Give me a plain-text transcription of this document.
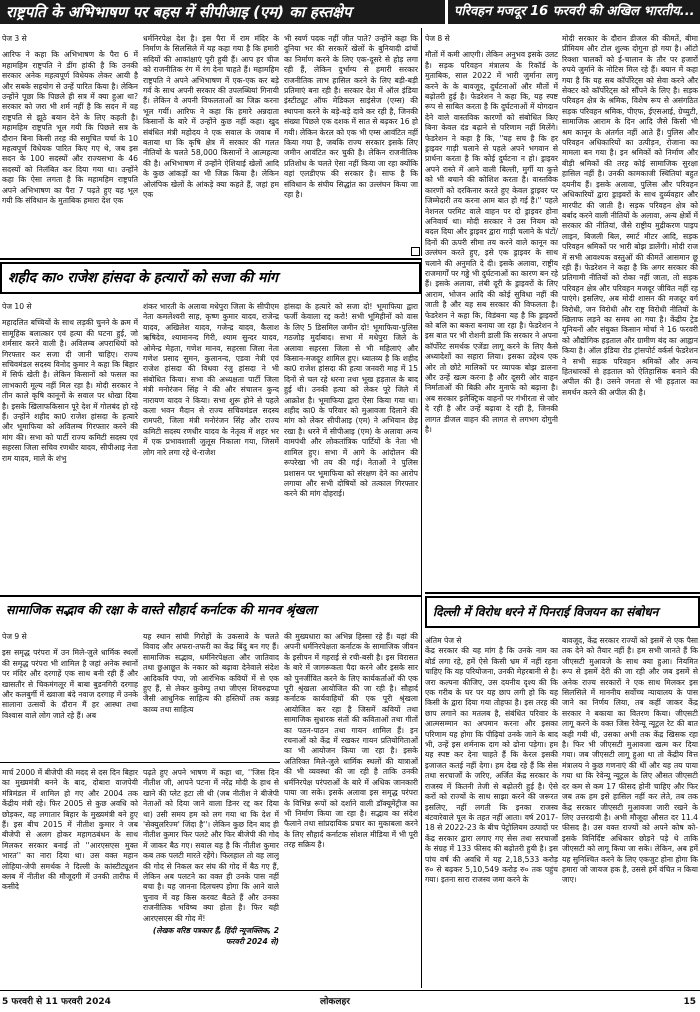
राष्ट्रपति के अभिभाषण पर बहस में सीपीआइ (एम) का हस्तक्षेप	परिवहन मजदूर 16 फरवरी की अखिल भारतीय...
पेज 3 से

आरिफ ने कहा कि अभिभाषण के पैरा 6 में महामहिम राष्ट्रपति ने डींग हांकी है कि उनकी सरकार अनेक महत्वपूर्ण विधेयक लेकर आयी है और सबके सहयोग से उन्हें पारित किया है। लेकिन उन्होंने पूछा कि पिछले ही सत्र में क्या हुआ था? सरकार को जरा भी शर्म नहीं है कि सदन में वह राष्ट्रपति से झूठे बयान देने के लिए कहती है। महामहिम राष्ट्रपति भूल गयी कि पिछले सत्र के दौरान बिना किसी तरह की समुचित चर्चा के 10 महत्वपूर्ण विधेयक पारित किए गए थे, जब इस सदन के 100 सदस्यों और राज्यसभा के 46 सदस्यों को निलंबित कर दिया गया था। उन्होंने कहा कि ऐसा लगता है कि महामहिम राष्ट्रपति अपने अभिभाषण का पैरा 7 पढ़ते हुए यह भूल गयी कि संविधान के मुताबिक हमारा देश एक

धर्मनिरपेक्ष देश है। इस पैरा में राम मंदिर के निर्माण के सिलसिले में यह कहा गया है कि हमारी सदियों की आकांक्षाएं पूरी हुयी हैं। आप हर चीज को राजनीतिक रंग में रंग देना चाहते हैं। महामहिम राष्ट्रपति ने अपने अभिभाषण में एक-एक कर बड़े गर्व के साथ अपनी सरकार की उपलब्धियां गिनायी हैं। लेकिन वे अपनी विफलताओं का जिक्र करना भूल गयीं। आरिफ ने कहा कि हमारे अन्नदाता किसानों के बारे में उन्होंने कुछ नहीं कहा। खुद संबंधित मंत्री महोदय ने एक सवाल के जवाब में बताया था कि कृषि क्षेत्र में सरकार की गलत नीतियों के चलते 58,000 किसानों ने आत्महत्या की है। अभिभाषण में उन्होंने ऐशियाई खेलों आदि के कुछ आंकड़ों का भी जिक्र किया है। लेकिन ओलंपिक खेलों के आंकड़े क्या कहते हैं, जहां हम एक

भी स्वर्ण पदक नहीं जीत पाते? उन्होंने कहा कि दुनिया भर की सरकारें खेलों के बुनियादी ढांचों का निर्माण करने के लिए एक-दूसरे से होड़ लगा रही हैं, लेकिन दुर्भाग्य से हमारी सरकार राजनीतिक लाभ हासिल करने के लिए बड़ी-बड़ी प्रतिमाएं बना रही है। सरकार देश में ऑल इंडिया इंस्टीट्यूट ऑफ मेडिकल साइंसेज (एम्स) की स्थापना करने के बड़े-बड़े दावे कर रही है, जिनकी संख्या पिछले एक दशक में सात से बढ़कर 16 हो गयी। लेकिन केरल को एक भी एम्स आवंटित नहीं किया गया है, जबकि राज्य सरकार इसके लिए जमीन आवंटित कर चुकी है। लेकिन राजनीतिक प्रतिशोध के चलते ऐसा नहीं किया जा रहा क्योंकि वहां एलडीएफ की सरकार है। साफ है कि संविधान के संघीय सिद्धांत का उल्लंघन किया जा रहा है।

पेज 8 से

मौतों में कमी आएगी। लेकिन अनुभव इसके उलट है। सड़क परिवहन मंत्रालय के रिकॉर्ड के मुताबिक, साल 2022 में भारी जुर्माना लागू करने के के बावजूद, दुर्घटनाओं और मौतों में बढ़ोतरी हुई है। फेडरेशन ने कहा कि, यह स्पष्ट रूप से साबित करता है कि दुर्घटनाओं में योगदान देने वाले वास्तविक कारणों को संबोधित किए बिना केवल दंड बढ़ाने से परिणाम नहीं मिलेंगे। फेडरेशन ने कहा है कि, ''यह सच है कि हर ड्राइवर गाड़ी चलाने से पहले अपने भगवान से प्रार्थना करता है कि कोई दुर्घटना न हो। ड्राइवर अपने रास्ते में आने वाली बिल्ली, मुर्गी या कुत्ते को भी बचाने की कोशिश करता है। वास्तविक कारणों को दरकिनार करते हुए केवल ड्राइवर पर जिम्मेदारी तय करना आम बात हो गई है।'' पहले नेशनल परमिट वाले वाहन पर दो ड्राइवर होना अनिवार्य था। मोदी सरकार ने उस नियम को बदल दिया और ड्राइवर द्वारा गाड़ी चलाने के घंटों/दिनों की ऊपरी सीमा तय करने वाले कानून का उल्लंघन करते हुए, इसे एक ड्राइवर के साथ चलाने की अनुमति दे दी। इसके अलावा, राष्ट्रीय राजमार्गों पर गड्ढे भी दुर्घटनाओं का कारण बन रहे हैं। इसके अलावा, लंबी दूरी के ड्राइवरों के लिए आराम, भोजन आदि की कोई सुविधा नहीं की जाती है और यह सब सरकार की विफलता है। फेडरेशन ने कहा कि, विडंबना यह है कि ड्राइवरों को बलि का बकरा बनाया जा रहा है। फेडरेशन ने इस बात पर भी रोशनी डाली कि सरकार ने अपना कॉर्पोरेट समर्थक एजेंडा लागू करने के लिए कैसे अध्यादेशों का सहारा लिया। इसका उद्देश्य एक ओर तो छोटे मालिकों पर व्यापक बोझ डालना और उन्हें खत्म करना है और दूसरी ओर वाहन निर्माताओं की बिक्री और मुनाफे को बढ़ाना है। अब सरकार इलेक्ट्रिक वाहनों पर गंभीरता से जोर दे रही है और उन्हें बढ़ावा दे रही है, जिनकी लागत डीजल वाहन की लागत से लगभग दोगुनी है।

मोदी सरकार के दौरान डीजल की कीमतें, बीमा प्रीमियम और टोल शुल्क दोगुना हो गया है। ऑटो रिक्शा चालकों को ई-चालान के तौर पर हजारों रुपये जुर्माने के नोटिस मिल रहे हैं। बयान में कहा गया है कि यह सब कॉर्पोरेट्स को सेवा करने और सेक्टर को कॉर्पोरेट्स को सौंपने के लिए है। सड़क परिवहन क्षेत्र के श्रमिक, विशेष रूप से असंगठित सड़क परिवहन श्रमिक, पीएफ, ईएसआई, ग्रेच्युटी, सामाजिक आराम के दिन आदि जैसे किसी भी श्रम कानून के अंतर्गत नहीं आते हैं। पुलिस और परिवहन अधिकारियों का उत्पीड़न, रोजाना का मामला बन गया है। इन श्रमिकों को निर्माण और बीड़ी श्रमिकों की तरह कोई सामाजिक सुरक्षा हासिल नहीं है। उनकी कामकाजी स्थितियां बहुत दयनीय हैं। इसके अलावा, पुलिस और परिवहन अधिकारियों द्वारा ड्राइवरों के साथ दुर्व्यवहार और मारपीट की जाती है। सड़क परिवहन क्षेत्र को बर्बाद करने वाली नीतियों के अलावा, अन्य क्षेत्रों में सरकार की नीतियां, जैसे राष्ट्रीय मुद्रीकरण पाइप लाइन, बिजली बिल, स्मार्ट मीटर आदि, सड़क परिवहन श्रमिकों पर भारी बोझ डालेंगी। मोदी राज में सभी आवश्यक वस्तुओं की कीमतें आसमान छू रही हैं। फेडरेशन ने कहा है कि अगर सरकार की प्रतिगामी नीतियों को रोका नहीं जाता, तो सड़क परिवहन क्षेत्र और परिवहन मजदूर जीवित नहीं रह पाएंगे। इसलिए, अब मोदी शासन की मजदूर वर्ग विरोधी, जन विरोधी और राष्ट्र विरोधी नीतियों के खिलाफ लड़ने का समय आ गया है। केंद्रीय ट्रेड यूनियनों और संयुक्त किसान मोर्चा ने 16 फरवरी को औद्योगिक हड़ताल और ग्रामीण बंद का आह्वान किया है। ऑल इंडिया रोड ट्रांसपोर्ट वर्कर्स फेडरेशन ने सभी सड़क परिवहन श्रमिकों और अन्य हितधारकों से हड़ताल को ऐतिहासिक बनाने की अपील की है। उसने जनता से भी हड़ताल का समर्थन करने की अपील की है।

शहीद का० राजेश हांसदा के हत्यारों को सजा की मांग
पेज 10 से

महादलित बच्चियों के साथ लड़की चुनने के क्रम में सामूहिक बलात्कार एवं हत्या की घटना हुई, जो शर्मसार करने वाली है। अविलम्ब अपराधियों को गिरफ्तार कर सजा दी जानी चाहिए। राज्य सचिवमंडल सदस्य विनोद कुमार ने कहा कि बिहार में सिर्फ खेती है। लेकिन किसानों को फसल का लाभकारी मूल्य नहीं मिल रहा है। मोदी सरकार ने तीन काले कृषि कानूनों के सवाल पर धोखा दिया है। इसके खिलाफकिसान पूरे देश में गोलबंद हो रहे हैं। उन्होंने शहीद का0 राजेश हांसदा के हत्यारे और भूमाफिया को अविलम्ब गिरफ्तार करने की मांग की। सभा को पार्टी राज्य कमिटी सदस्य एवं सहरसा जिला सचिव रणधीर यादव, सीपीआइ नेता राम यादव, माले के शंभु

शंकर भारती के अलावा मधेपुरा जिला के सीपीएम नेता कमलेश्वरी साह, कृष्ण कुमार यादव, राजेन्द्र यादव, अखिलेश यादव, गजेन्द्र यादव, कैलाश ऋषिदेव, श्यामानन्द गिरी, श्याम सुन्दर यादव, ओमेन्द्र मेहता, गणेश मानव, सहरसा जिला नेता गणेश प्रसाद सुमन, कुलानन्द, एडवा नेत्री एवं राजेश हांसदा की विधवा रंजु हांसदा ने भी संबोधित किया। सभा की अध्यक्षता पार्टी जिला मंत्री मनोरंजन सिंह ने की और संचालन कुन्द नारायण यादव ने किया। सभा शुरू होने से पहले कला भवन मैदान से राज्य सचिवमंडल सदस्य रामपरी, जिला मंत्री मनोरंजन सिंह और राज्य कमिटी सदस्य रणधीर यादव के नेतृत्व में शहर भर में एक प्रभावशाली जुलूस निकाला गया, जिसमें लोग नारे लगा रहे थे-राजेश

हांसदा के हत्यारे को सजा दो! भूमाफिया द्वारा फर्जी केवाला रद्द करो! सभी भूमिहीनों को वास के लिए 5 डिसमिल जमीन दो! भूमाफिया-पुलिस गठजोड़ मुर्दाबाद। सभा में मधेपुरा जिले के अलावा सहरसा जिला से भी महिलाएं और किसान-मजदूर शामिल हुए। ध्यातव्य है कि शहीद का0 राजेश हांसदा की हत्या जनवरी माह में 15 दिनों से चल रहे धरना तथा भूख हड़ताल के बाद हुई थी। उनकी हत्या को लेकर पूरे जिले में आक्रोश है। भूमाफिया द्वारा ऐसा किया गया था। शहीद का0 के परिवार को मुआवजा दिलाने की मांग को लेकर सीपीआइ (एम) ने अभियान छेड़ रखा है। धरने में सीपीआइ (एम) के अलावा अन्य वामपंथी और लोकतांत्रिक पार्टियों के नेता भी शामिल हुए। सभा में आगे के आंदोलन की रूपरेखा भी तय की गई। नेताओं ने पुलिस प्रशासन पर भूमाफिया को संरक्षण देने का आरोप लगाया और सभी दोषियों को तत्काल गिरफ्तार करने की मांग दोहराई।

सामाजिक सद्भाव की रक्षा के वास्ते सौहार्द कर्नाटक की मानव श्रृंखला
पेज 9 से

इस समृद्ध परंपरा में उन मिले-जुले धार्मिक स्थलों की समृद्ध परंपरा भी शामिल है जहां अनेक स्थानों पर मंदिर और दरगाहें एक साथ बनी रही हैं और खासतौर से चिकमंगलूर में बाबा बुडनगिरी दरगाह और कलबुर्गी में ख्वाजा बंदे नवाज दरगाह में उनके सालाना उत्सवों के दौरान मैं हर आस्था तथा विश्वास वाले लोग जाते रहे हैं। अब

यह स्थान सांघी गिरोहों के उकसावे के चलते विवाद और अफरा-तफरी का केंद्र बिंदु बन गए हैं। सामाजिक सद्भाव, धर्मनिरपेक्षता और जातिवाद तथा छुआछूत के नकार को बढ़ावा देनेवाले संदेश आदिकवि पंपा, जो आरंभिक कवियों में से एक हुए हैं, से लेकर कुवेम्पु तथा जीएस शिवरुद्रप्पा जैसी आधुनिक साहित्य की हस्तियों तक कन्नड़ काव्य तथा साहित्य

की मुख्यधारा का अभिन्न हिस्सा रहे हैं। यहां की अपनी धर्मनिरपेक्षता कर्नाटक के सामाजिक जीवन के इसीपन में गहराई से रची-बसी है। इस विरासत के बारे में जागरूकता पैदा करने और इसके सार को पुनर्जीवित करने के लिए कार्यकर्ताओं की एक पूरी श्रृंखला आयोजित की जा रही है। सौहार्द कर्नाटक कार्यवाहियों की एक पूरी श्रृंखला आयोजित कर रहा है जिसमें कवियों तथा सामाजिक सुधारक संतों की कविताओं तथा गीतों का पठन-पाठन तथा गायन शामिल हैं। इन रचनाओं को केंद्र में रखकर गायन प्रतियोगिताओं का भी आयोजन किया जा रहा है। इसके अतिरिक्त मिले-जुले धार्मिक स्थलों की यात्राओं की भी व्यवस्था की जा रही है ताकि उनकी धर्मनिरपेक्ष परंपराओं के बारे में अधिक जानकारी पाया जा सके। इसके अलावा इस समृद्ध परंपरा के विभिन्न रूपों को दर्शाने वाली डॉक्यूमेंट्रीज का भी निर्माण किया जा रहा है। सद्भाव का संदेश फैलाने तथा सांप्रदायिक प्रचार का मुकाबला करने के लिए सौहार्द कर्नाटक सोशल मीडिया में भी पूरी तरह सक्रिय है।

मार्च 2000 में बीजेपी की मदद से दस दिन बिहार का मुख्यमंत्री बनने के बाद, दोबारा वाजपेयी मंत्रिमंडल में शामिल हो गए और 2004 तक केंद्रीय मंत्री रहे। फिर 2005 से कुछ अवधि को छोड़कर, वह लगातार बिहार के मुख्यमंत्री बने हुए हैं। इस बीच 2015 में नीतीश कुमार ने जब बीजेपी से अलग होकर महागठबंधन के साथ मिलकर सरकार बनाई तो ''आरएसएस मुक्त भारत'' का नारा दिया था। उस वक्त महान लोहिया-जेपी समर्थक ने दिल्ली के कांस्टीट्यूशन क्लब में नीतीश की मौजूदगी में उनकी तारीफ में कसीदे

पढ़ते हुए अपने भाषण में कहा था, ''जिस दिन नीतीश जी, आपने पटना में नरेंद्र मोदी के हाथ से खाने की प्लेट हटा ली थी (जब नीतीश ने बीजेपी नेताओं को दिया जाने वाला डिनर रद्द कर दिया था) उसी समय हम को लग गया था कि देश में 'सेक्युलरिज्म' जिंदा है''। लेकिन कुछ दिन बाद ही नीतीश कुमार फिर पलटे और फिर बीजेपी की गोद में जाकर बैठ गए। सवाल यह है कि नीतीश कुमार कब तक पलटी मारते रहेंगे। फिलहाल तो वह लालू की गोद से निकल कर संघ की गोद में बैठ गए हैं, लेकिन अब पलटने का वक्त ही उनके पास नहीं बचा है। यह जानना दिलचस्प होगा कि आने वाले चुनाव में वह किस करवट बैठते हैं और उनका राजनीतिक भविष्य क्या होता है। फिर यही आरएसएस की गोद में!

(लेखक वरिष्ठ पत्रकार हैं, हिंदी न्यूजक्लिक, 2 फरवरी 2024 से)

दिल्ली में विरोध धरने में पिनराई विजयन का संबोधन
अंतिम पेज से

केंद्र सरकार की यह मांग है कि उनके नाम का बोर्ड लगा रहे, हमें ऐसे किसी भ्रम में नहीं रहना चाहिए कि यह परियोजना, उनकी मेहरबानी से है। जरा कल्पना कीजिए, उस दयनीय दृश्य की कि एक गरीब के घर पर यह छाप लगी हो कि यह किसी के द्वारा दिया गया तोहफा है। इस तरह की छाप लगाने का मतलब है, संबंधित परिवार के आत्मसम्मान का अपमान करना और इसका परिणाम यह होगा कि पीढ़ियां उनके जाने के बाद भी, उन्हें इस शर्मनाक दाग को ढोना पड़ेगा। हम यह स्पष्ट कर देना चाहते हैं कि केरल इसकी इजाजत कतई नहीं देगा। हम देख रहे हैं कि सेस तथा सरचार्जों के जरिए, अर्जित केंद्र सरकार के राजस्व में कितनी तेजी से बढ़ोतरी हुई है। ऐसे करों को राज्यों के साथ साझा करने की जरूरत इसलिए, नहीं लगती कि इनका राजस्व बंटवारेवाले पूल के तहत नहीं आता। वर्ष 2017-18 से 2022-23 के बीच पेट्रोलियम उत्पादों पर केंद्र सरकार द्वारा लगाए गए सेस तथा सरचार्जों के संग्रह में 133 फीसद की बढ़ोतरी हुयी है। इस पांच वर्ष की अवधि में यह 2,18,533 करोड़ रु० से बढ़कर 5,10,549 करोड़ रु० तक पहुंच गया। इतना सारा राजस्व जमा करने के

बावजूद, केंद्र सरकार राज्यों को इसमें से एक पैसा तक देने को तैयार नहीं है। हम सभी जानते हैं कि जीएसटी मुआवजे के साथ क्या हुआ। नियमित रूप से इसमें देरी की जा रही और जब इसमें से अनेक राज्य सरकारों ने एक साथ मिलकर इस सिलसिले में माननीय सर्वोच्च न्यायालय के पास जाने का निर्णय लिया, तब कहीं जाकर केंद्र सरकार ने बकाया का वितरण किया। जीएसटी लागू करने के वक्त जिस रेवेन्यू न्यूट्रल रेट की बात कही गयी थी, उसका अभी तक केंद्र खिसक रहा है। फिर भी जीएसटी मुआवजा खत्म कर दिया गया। जब जीएसटी लागू हुआ था तो केंद्रीय वित्त मंत्रालय ने कुछ गणनाएं की थीं और यह तय पाया गया था कि रेवेन्यू न्यूट्रल के लिए औसत जीएसटी दर कम से कम 17 फीसद होनी चाहिए और फिर जब तक हम इसे हासिल नहीं कर लेते, तब तक केंद्र सरकार जीएसटी मुआवजा जारी रखने के लिए उत्तरदायी है। अभी मौजूदा औसत दर 11.4 फीसद है। उस वक्त राज्यों को अपने कोष को-इसके विनिर्दिष्ट अधिकार छोड़ने पड़े थे ताकि जीएसटी को लागू किया जा सके। लेकिन, अब हमें यह सुनिश्चित करने के लिए एकजुट होना होगा कि हमारा जो जायज हक है, उससे हमें वंचित न किया जाए।

5 फरवरी से 11 फरवरी 2024	लोकलहर	15
